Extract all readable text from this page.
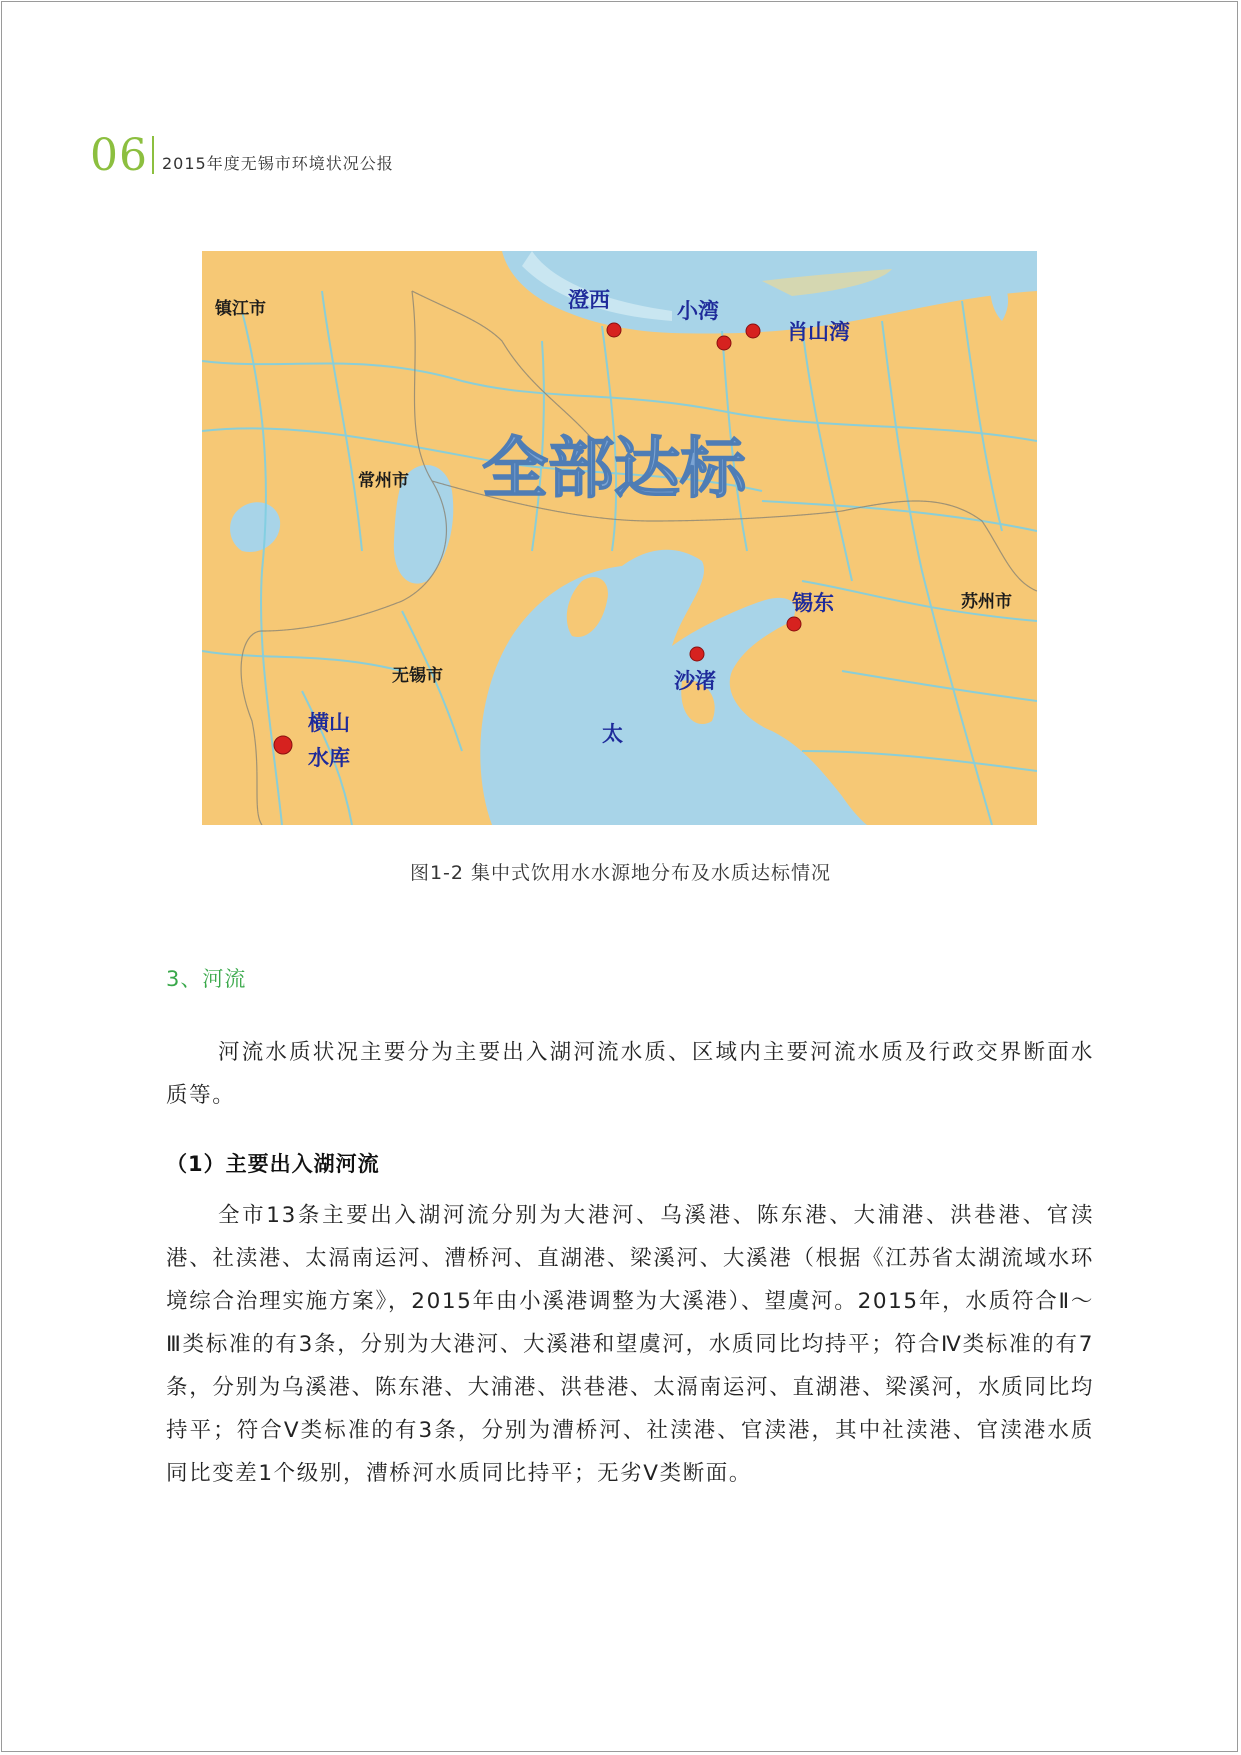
06 2015年度无锡市环境状况公报
全部达标
镇江市
常州市
无锡市
苏州市
澄西	小湾
肖山湾
锡东
沙渚
横山
水库
太
图1-2 集中式饮用水水源地分布及水质达标情况
3、河流
河流水质状况主要分为主要出入湖河流水质、区域内主要河流水质及行政交界断面水质等。
（1）主要出入湖河流
全市13条主要出入湖河流分别为大港河、乌溪港、陈东港、大浦港、洪巷港、官渎港、社渎港、太滆南运河、漕桥河、直湖港、梁溪河、大溪港（根据《江苏省太湖流域水环境综合治理实施方案》，2015年由小溪港调整为大溪港）、望虞河。2015年，水质符合Ⅱ～Ⅲ类标准的有3条，分别为大港河、大溪港和望虞河，水质同比均持平；符合Ⅳ类标准的有7条，分别为乌溪港、陈东港、大浦港、洪巷港、太滆南运河、直湖港、梁溪河，水质同比均持平；符合Ⅴ类标准的有3条，分别为漕桥河、社渎港、官渎港，其中社渎港、官渎港水质同比变差1个级别，漕桥河水质同比持平；无劣Ⅴ类断面。
